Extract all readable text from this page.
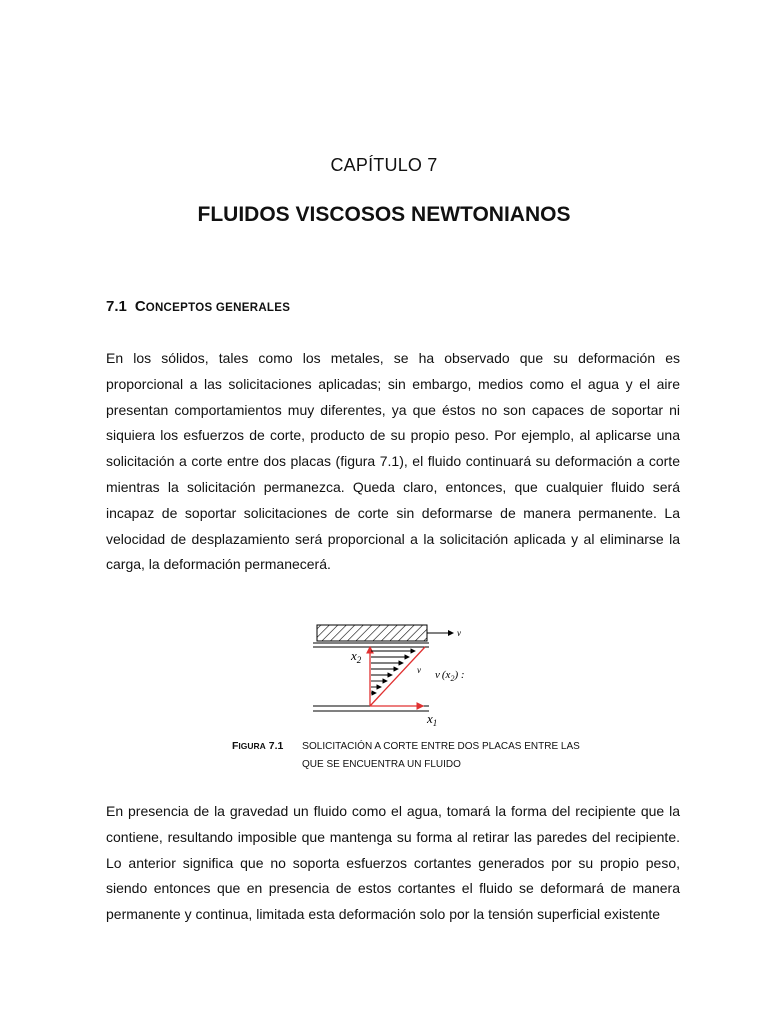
CAPÍTULO 7
FLUIDOS VISCOSOS NEWTONIANOS
7.1 CONCEPTOS GENERALES

En los sólidos, tales como los metales, se ha observado que su deformación es proporcional a las solicitaciones aplicadas; sin embargo, medios como el agua y el aire presentan comportamientos muy diferentes, ya que éstos no son capaces de soportar ni siquiera los esfuerzos de corte, producto de su propio peso. Por ejemplo, al aplicarse una solicitación a corte entre dos placas (figura 7.1), el fluido continuará su deformación a corte mientras la solicitación permanezca. Queda claro, entonces, que cualquier fluido será incapaz de soportar solicitaciones de corte sin deformarse de manera permanente. La velocidad de desplazamiento será proporcional a la solicitación aplicada y al eliminarse la carga, la deformación permanecerá.

v
$x_2$
v v $(x_2)$ :
$x_1$
FIGURA 7.1 SOLICITACIÓN A CORTE ENTRE DOS PLACAS ENTRE LAS
QUE SE ENCUENTRA UN FLUIDO

En presencia de la gravedad un fluido como el agua, tomará la forma del recipiente que la contiene, resultando imposible que mantenga su forma al retirar las paredes del recipiente. Lo anterior significa que no soporta esfuerzos cortantes generados por su propio peso, siendo entonces que en presencia de estos cortantes el fluido se deformará de manera permanente y continua, limitada esta deformación solo por la tensión superficial existente
